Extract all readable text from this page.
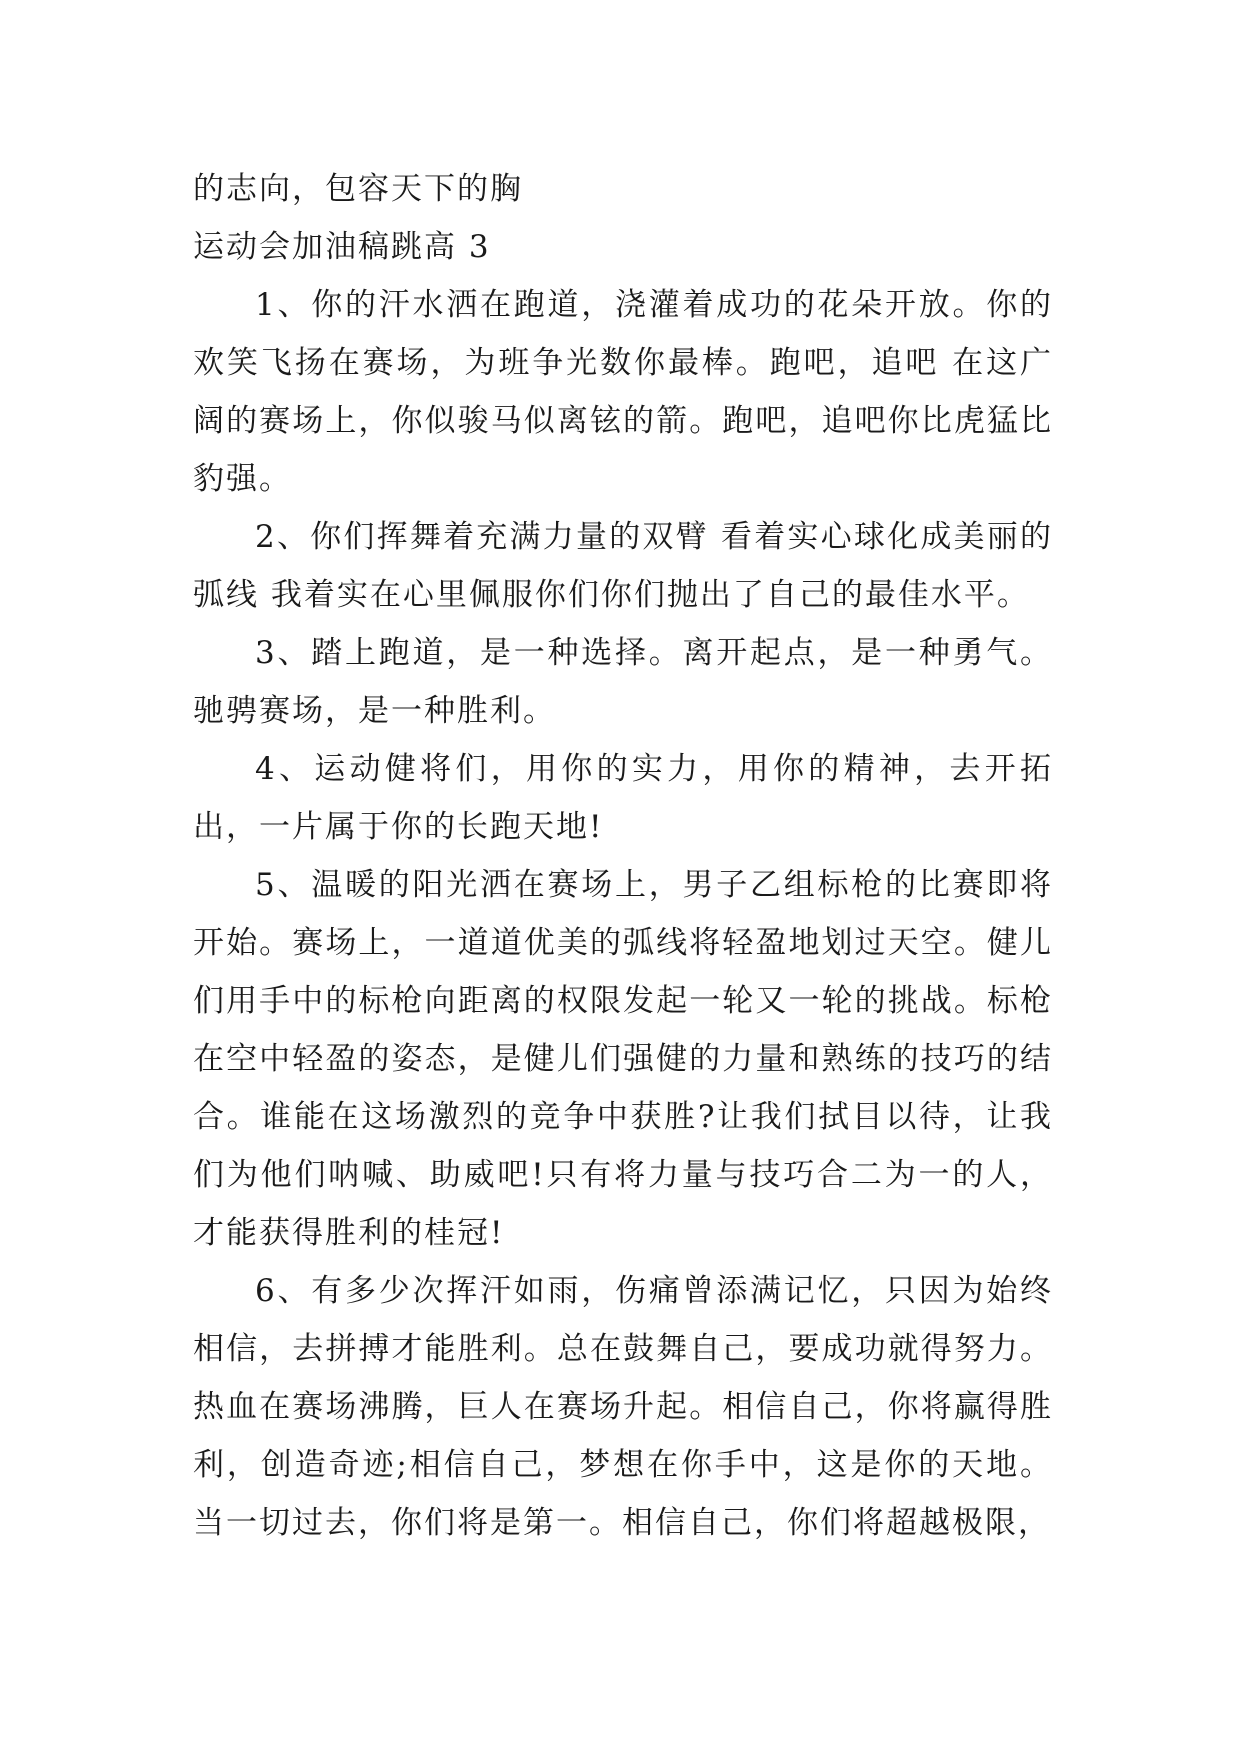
的志向，包容天下的胸

运动会加油稿跳高 3

1、你的汗水洒在跑道，浇灌着成功的花朵开放。你的欢笑飞扬在赛场，为班争光数你最棒。跑吧，追吧 在这广阔的赛场上，你似骏马似离铉的箭。跑吧，追吧你比虎猛比豹强。

2、你们挥舞着充满力量的双臂 看着实心球化成美丽的弧线 我着实在心里佩服你们你们抛出了自己的最佳水平。

3、踏上跑道，是一种选择。离开起点，是一种勇气。驰骋赛场，是一种胜利。

4、运动健将们，用你的实力，用你的精神，去开拓出，一片属于你的长跑天地!

5、温暖的阳光洒在赛场上，男子乙组标枪的比赛即将开始。赛场上，一道道优美的弧线将轻盈地划过天空。健儿们用手中的标枪向距离的权限发起一轮又一轮的挑战。标枪在空中轻盈的姿态，是健儿们强健的力量和熟练的技巧的结合。谁能在这场激烈的竞争中获胜?让我们拭目以待，让我们为他们呐喊、助威吧!只有将力量与技巧合二为一的人，才能获得胜利的桂冠!

6、有多少次挥汗如雨，伤痛曾添满记忆，只因为始终相信，去拼搏才能胜利。总在鼓舞自己，要成功就得努力。热血在赛场沸腾，巨人在赛场升起。相信自己，你将赢得胜利，创造奇迹;相信自己，梦想在你手中，这是你的天地。当一切过去，你们将是第一。相信自己，你们将超越极限，
